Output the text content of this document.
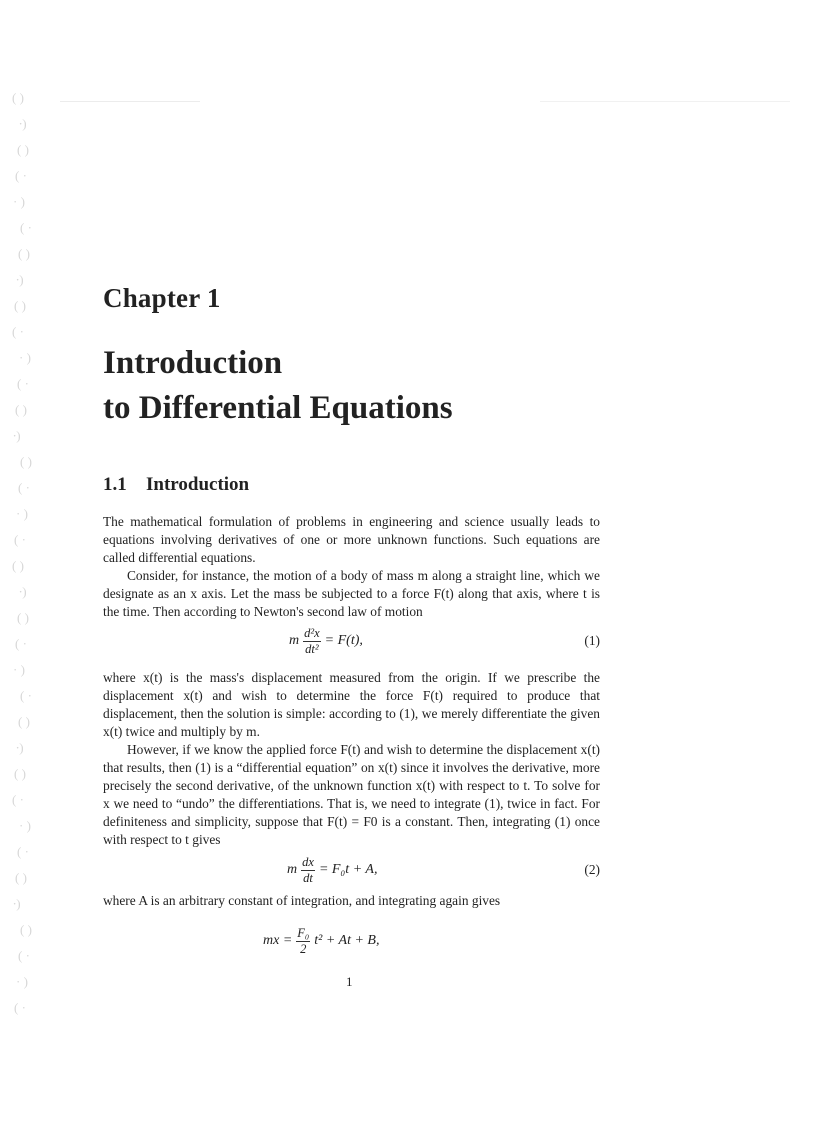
( )
∙)
( )
( ·
· )
( ·
( )
∙)
( )
( ·
· )
( ·
( )
∙)
( )
( ·
· )
( ·
( )
∙)
( )
( ·
· )
( ·
( )
∙)
( )
( ·
· )
( ·
( )
∙)
( )
( ·
· )
( ·
Chapter 1
Introduction
to Differential Equations
1.1 Introduction

The mathematical formulation of problems in engineering and science usually leads to equations involving derivatives of one or more unknown functions. Such equations are called differential equations.

Consider, for instance, the motion of a body of mass m along a straight line, which we designate as an x axis. Let the mass be subjected to a force F(t) along that axis, where t is the time. Then according to Newton's second law of motion

m $\frac{\text{d²x}}{\text{dt²}} = F(t)$,	(1)

where x(t) is the mass's displacement measured from the origin. If we prescribe the displacement x(t) and wish to determine the force F(t) required to produce that displacement, then the solution is simple: according to (1), we merely differentiate the given x(t) twice and multiply by m.

However, if we know the applied force F(t) and wish to determine the displacement x(t) that results, then (1) is a “differential equation” on x(t) since it involves the derivative, more precisely the second derivative, of the unknown function x(t) with respect to t. To solve for x we need to “undo” the differentiations. That is, we need to integrate (1), twice in fact. For definiteness and simplicity, suppose that F(t) = F0 is a constant. Then, integrating (1) once with respect to t gives

m $\frac{dx}{dt} = F_0t + A$,	(2)

where A is an arbitrary constant of integration, and integrating again gives

mx = $\frac{\text{F₀}}{2} t^2 + At + B$,
1
